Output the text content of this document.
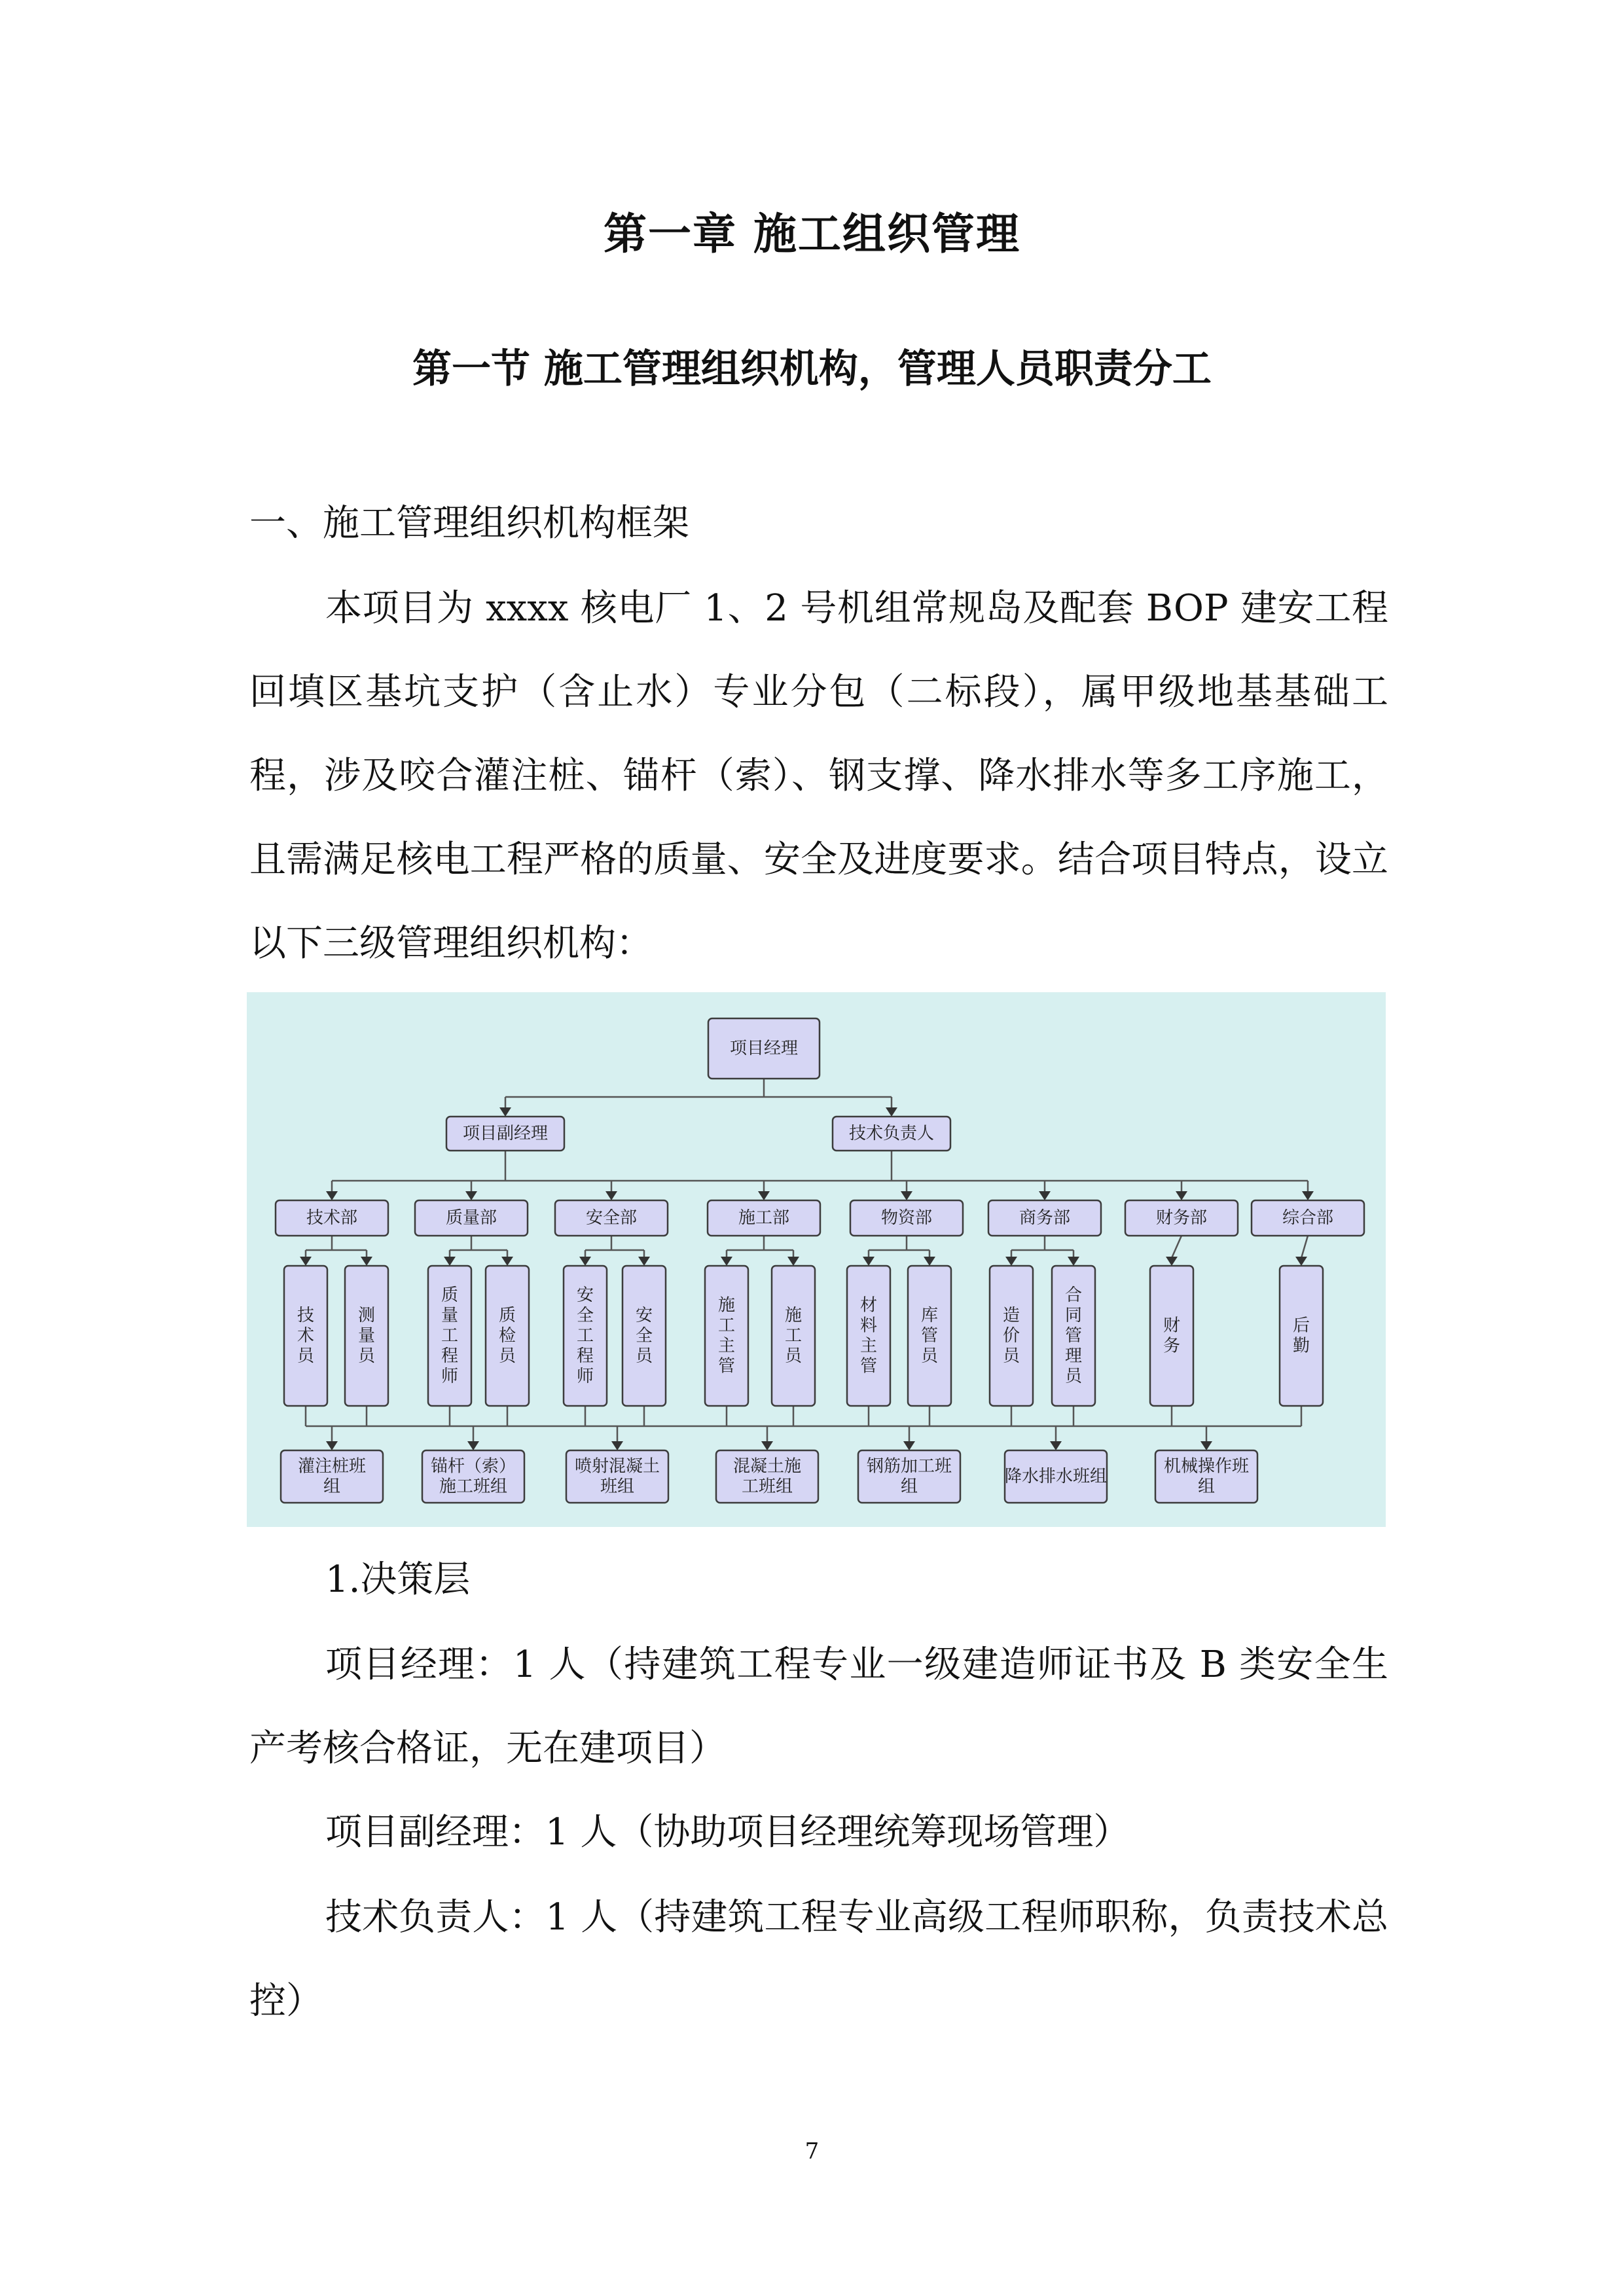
第一章 施工组织管理
第一节 施工管理组织机构，管理人员职责分工

一、施工管理组织机构框架

本项目为 xxxx 核电厂 1、2 号机组常规岛及配套 BOP 建安工程回填区基坑支护（含止水）专业分包（二标段），属甲级地基基础工程，涉及咬合灌注桩、锚杆（索）、钢支撑、降水排水等多工序施工，且需满足核电工程严格的质量、安全及进度要求。结合项目特点，设立以下三级管理组织机构：

项目经理
项目副经理	技术负责人
技术部	质量部	安全部	施工部	物资部	商务部	财务部	综合部
技
术
员
测
量
员
质
量
工
程
师
质
检
员
安
全
工
程
师
安
全
员
施
工
主
管
施
工
员
材
料
主
管
库
管
员
造
价
员
合
同
管
理
员
财
务
后
勤
灌注桩班
组
锚杆（索）
施工班组
喷射混凝土
班组
混凝土施
工班组
钢筋加工班
组
降水排水班组
机械操作班
组

1.决策层

项目经理：1 人（持建筑工程专业一级建造师证书及 B 类安全生产考核合格证，无在建项目）

项目副经理：1 人（协助项目经理统筹现场管理）

技术负责人：1 人（持建筑工程专业高级工程师职称，负责技术总控）

7
